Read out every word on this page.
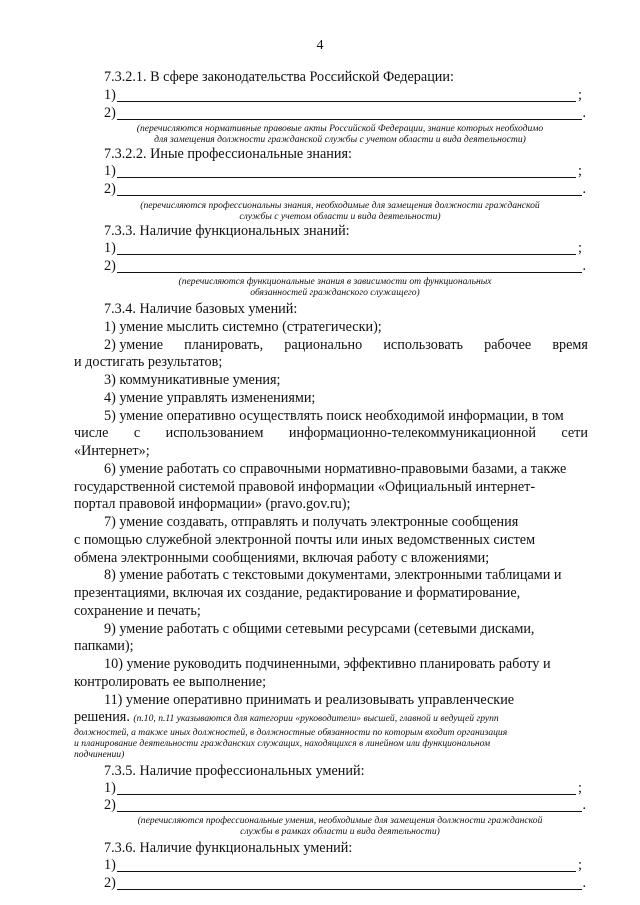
4
7.3.2.1. В сфере законодательства Российской Федерации:
1)	;
2)	.
(перечисляются нормативные правовые акты Российской Федерации, знание которых необходимо
для замещения должности гражданской службы с учетом области и вида деятельности)
7.3.2.2. Иные профессиональные знания:
1)	;
2)	.
(перечисляются профессиональны знания, необходимые для замещения должности гражданской
службы с учетом области и вида деятельности)
7.3.3. Наличие функциональных знаний:
1)	;
2)	.
(перечисляются функциональные знания в зависимости от функциональных
обязанностей гражданского служащего)
7.3.4. Наличие базовых умений:
1) умение мыслить системно (стратегически);
2) умение планировать, рационально использовать рабочее время
и достигать результатов;
3) коммуникативные умения;
4) умение управлять изменениями;
5) умение оперативно осуществлять поиск необходимой информации, в том
числе с использованием информационно-телекоммуникационной сети
«Интернет»;
6) умение работать со справочными нормативно-правовыми базами, а также
государственной системой правовой информации «Официальный интернет-
портал правовой информации» (pravo.gov.ru);
7) умение создавать, отправлять и получать электронные сообщения
с помощью служебной электронной почты или иных ведомственных систем
обмена электронными сообщениями, включая работу с вложениями;
8) умение работать с текстовыми документами, электронными таблицами и
презентациями, включая их создание, редактирование и форматирование,
сохранение и печать;
9) умение работать с общими сетевыми ресурсами (сетевыми дисками,
папками);
10) умение руководить подчиненными, эффективно планировать работу и
контролировать ее выполнение;
11) умение оперативно принимать и реализовывать управленческие
решения. (п.10, п.11 указываются для категории «руководители» высшей, главной и ведущей групп
должностей, а также иных должностей, в должностные обязанности по которым входит организация
и планирование деятельности гражданских служащих, находящихся в линейном или функциональном
подчинении)
7.3.5. Наличие профессиональных умений:
1)	;
2)	.
(перечисляются профессиональные умения, необходимые для замещения должности гражданской
службы в рамках области и вида деятельности)
7.3.6. Наличие функциональных умений:
1)	;
2)	.
